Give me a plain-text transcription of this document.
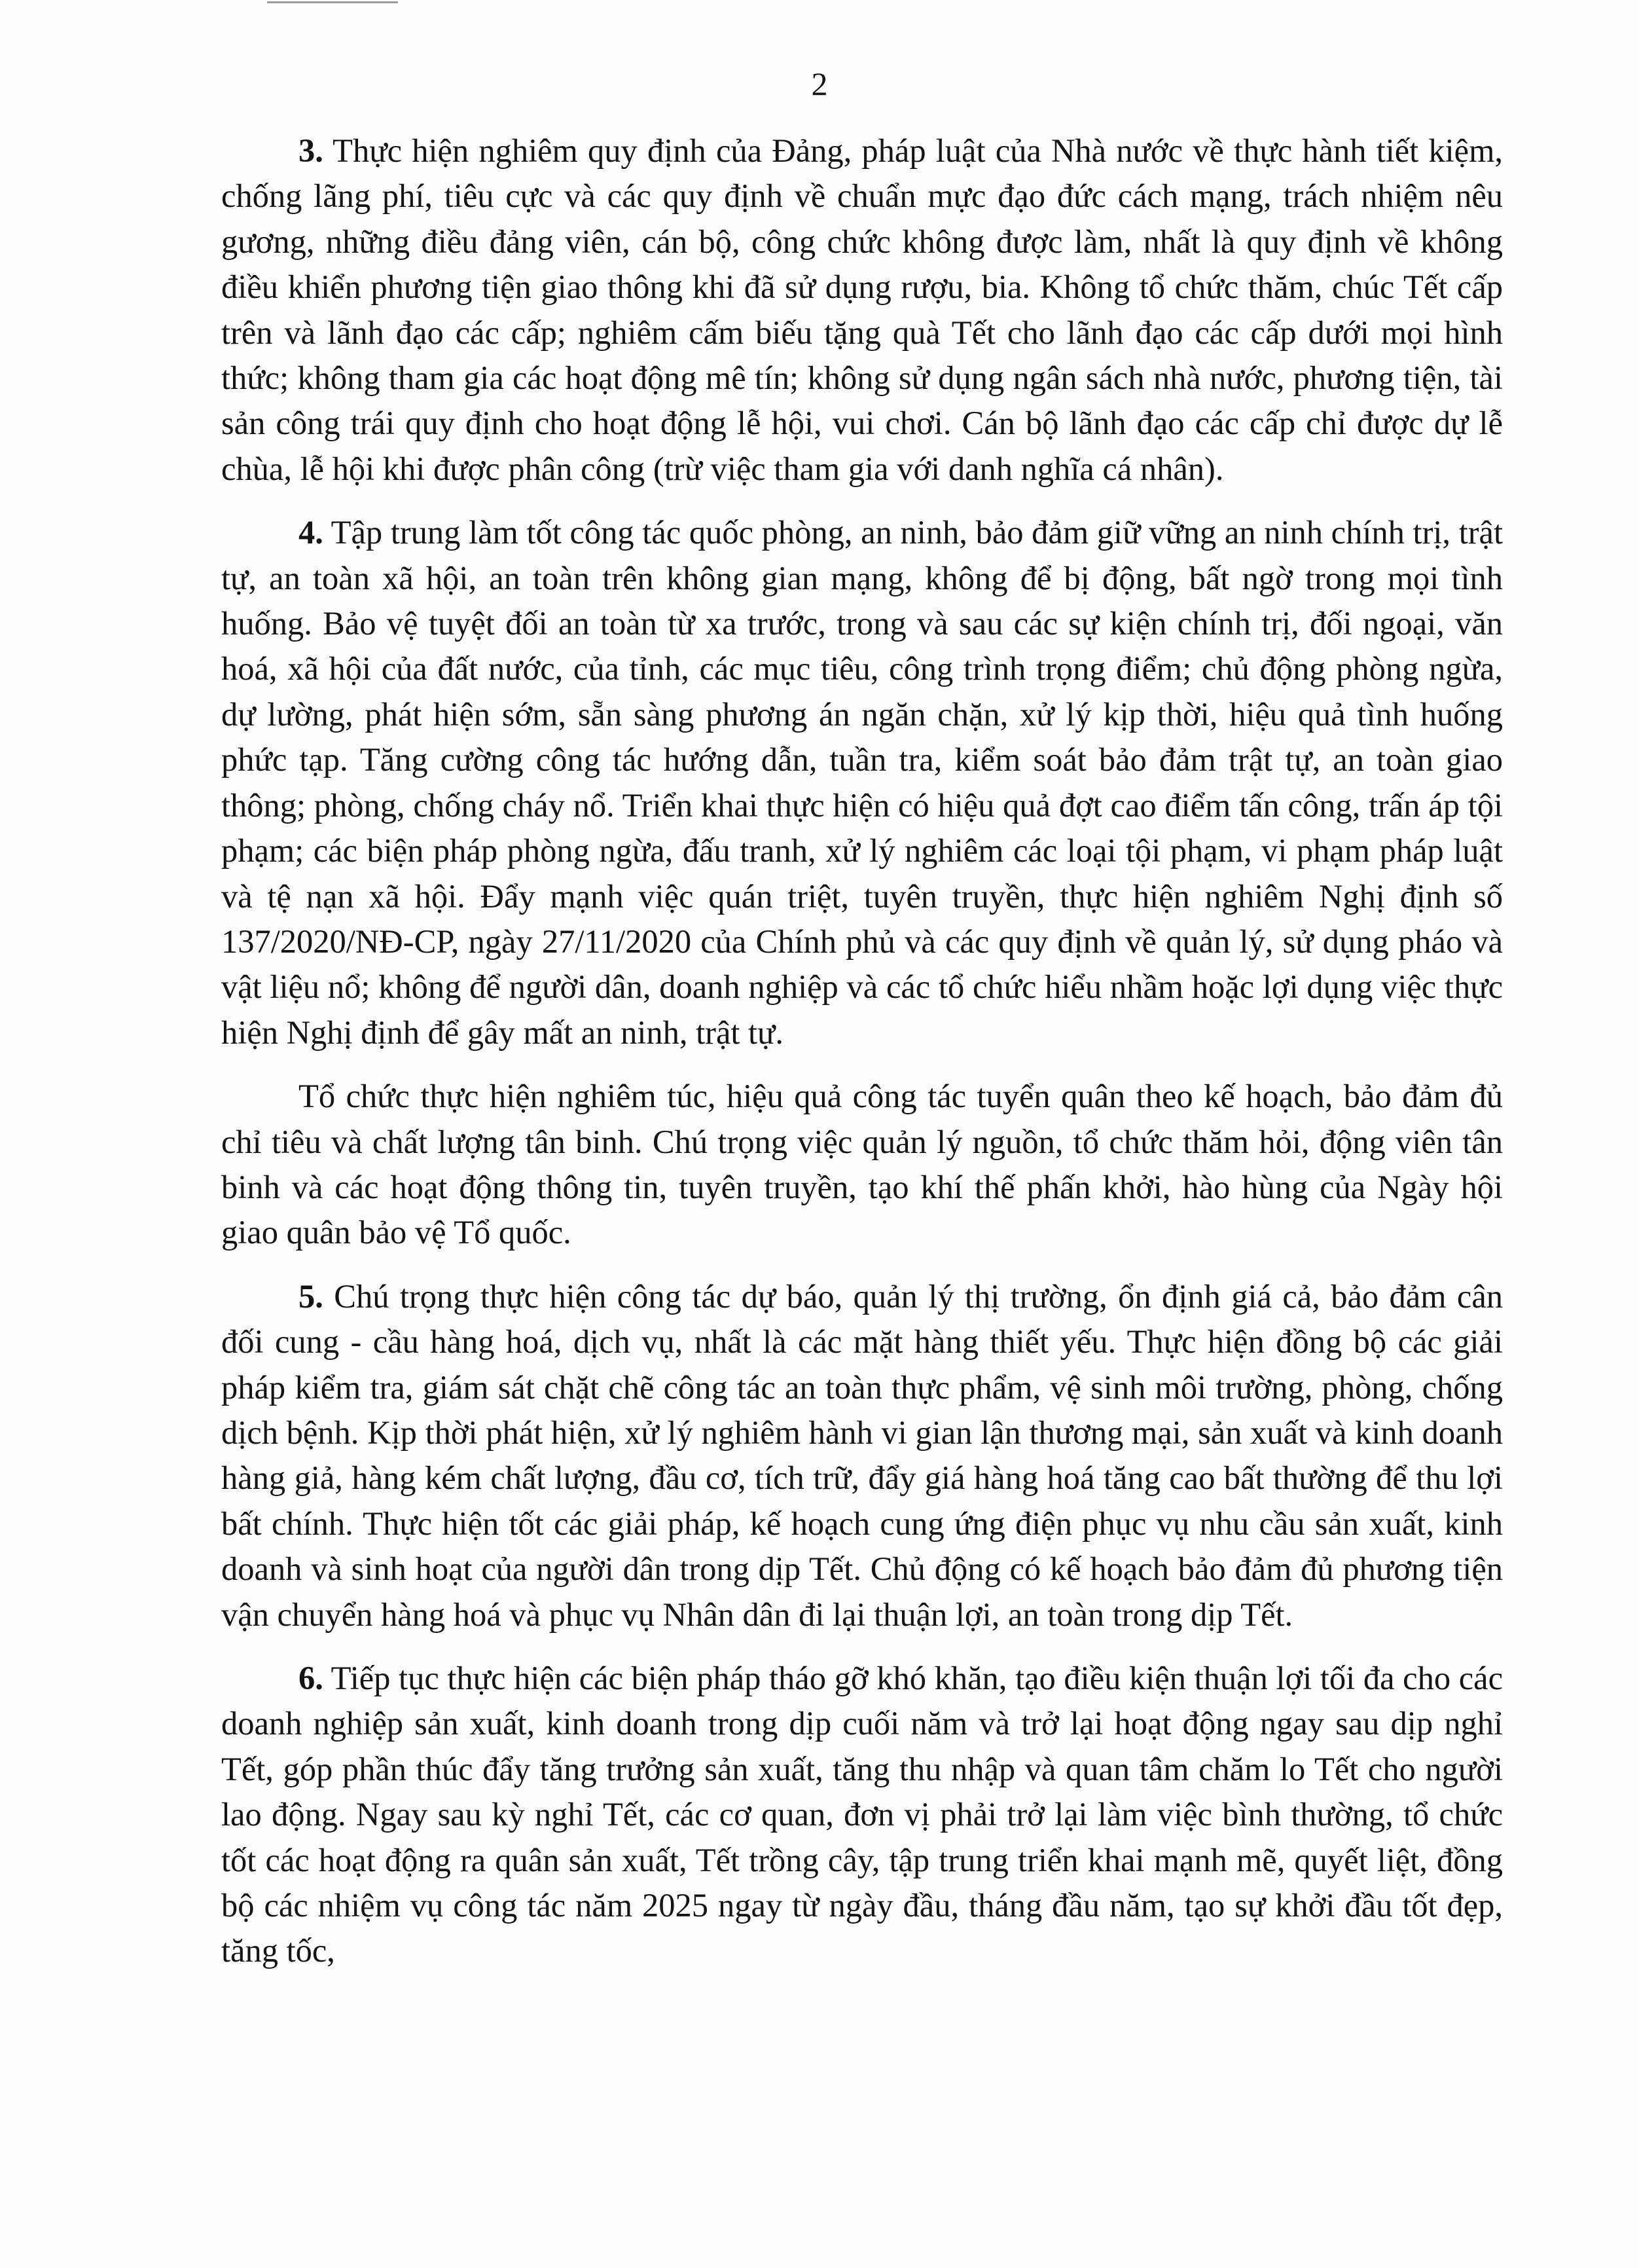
2

3. Thực hiện nghiêm quy định của Đảng, pháp luật của Nhà nước về thực hành tiết kiệm, chống lãng phí, tiêu cực và các quy định về chuẩn mực đạo đức cách mạng, trách nhiệm nêu gương, những điều đảng viên, cán bộ, công chức không được làm, nhất là quy định về không điều khiển phương tiện giao thông khi đã sử dụng rượu, bia. Không tổ chức thăm, chúc Tết cấp trên và lãnh đạo các cấp; nghiêm cấm biếu tặng quà Tết cho lãnh đạo các cấp dưới mọi hình thức; không tham gia các hoạt động mê tín; không sử dụng ngân sách nhà nước, phương tiện, tài sản công trái quy định cho hoạt động lễ hội, vui chơi. Cán bộ lãnh đạo các cấp chỉ được dự lễ chùa, lễ hội khi được phân công (trừ việc tham gia với danh nghĩa cá nhân).

4. Tập trung làm tốt công tác quốc phòng, an ninh, bảo đảm giữ vững an ninh chính trị, trật tự, an toàn xã hội, an toàn trên không gian mạng, không để bị động, bất ngờ trong mọi tình huống. Bảo vệ tuyệt đối an toàn từ xa trước, trong và sau các sự kiện chính trị, đối ngoại, văn hoá, xã hội của đất nước, của tỉnh, các mục tiêu, công trình trọng điểm; chủ động phòng ngừa, dự lường, phát hiện sớm, sẵn sàng phương án ngăn chặn, xử lý kịp thời, hiệu quả tình huống phức tạp. Tăng cường công tác hướng dẫn, tuần tra, kiểm soát bảo đảm trật tự, an toàn giao thông; phòng, chống cháy nổ. Triển khai thực hiện có hiệu quả đợt cao điểm tấn công, trấn áp tội phạm; các biện pháp phòng ngừa, đấu tranh, xử lý nghiêm các loại tội phạm, vi phạm pháp luật và tệ nạn xã hội. Đẩy mạnh việc quán triệt, tuyên truyền, thực hiện nghiêm Nghị định số 137/2020/NĐ-CP, ngày 27/11/2020 của Chính phủ và các quy định về quản lý, sử dụng pháo và vật liệu nổ; không để người dân, doanh nghiệp và các tổ chức hiểu nhầm hoặc lợi dụng việc thực hiện Nghị định để gây mất an ninh, trật tự.

Tổ chức thực hiện nghiêm túc, hiệu quả công tác tuyển quân theo kế hoạch, bảo đảm đủ chỉ tiêu và chất lượng tân binh. Chú trọng việc quản lý nguồn, tổ chức thăm hỏi, động viên tân binh và các hoạt động thông tin, tuyên truyền, tạo khí thế phấn khởi, hào hùng của Ngày hội giao quân bảo vệ Tổ quốc.

5. Chú trọng thực hiện công tác dự báo, quản lý thị trường, ổn định giá cả, bảo đảm cân đối cung - cầu hàng hoá, dịch vụ, nhất là các mặt hàng thiết yếu. Thực hiện đồng bộ các giải pháp kiểm tra, giám sát chặt chẽ công tác an toàn thực phẩm, vệ sinh môi trường, phòng, chống dịch bệnh. Kịp thời phát hiện, xử lý nghiêm hành vi gian lận thương mại, sản xuất và kinh doanh hàng giả, hàng kém chất lượng, đầu cơ, tích trữ, đẩy giá hàng hoá tăng cao bất thường để thu lợi bất chính. Thực hiện tốt các giải pháp, kế hoạch cung ứng điện phục vụ nhu cầu sản xuất, kinh doanh và sinh hoạt của người dân trong dịp Tết. Chủ động có kế hoạch bảo đảm đủ phương tiện vận chuyển hàng hoá và phục vụ Nhân dân đi lại thuận lợi, an toàn trong dịp Tết.

6. Tiếp tục thực hiện các biện pháp tháo gỡ khó khăn, tạo điều kiện thuận lợi tối đa cho các doanh nghiệp sản xuất, kinh doanh trong dịp cuối năm và trở lại hoạt động ngay sau dịp nghỉ Tết, góp phần thúc đẩy tăng trưởng sản xuất, tăng thu nhập và quan tâm chăm lo Tết cho người lao động. Ngay sau kỳ nghỉ Tết, các cơ quan, đơn vị phải trở lại làm việc bình thường, tổ chức tốt các hoạt động ra quân sản xuất, Tết trồng cây, tập trung triển khai mạnh mẽ, quyết liệt, đồng bộ các nhiệm vụ công tác năm 2025 ngay từ ngày đầu, tháng đầu năm, tạo sự khởi đầu tốt đẹp, tăng tốc,
